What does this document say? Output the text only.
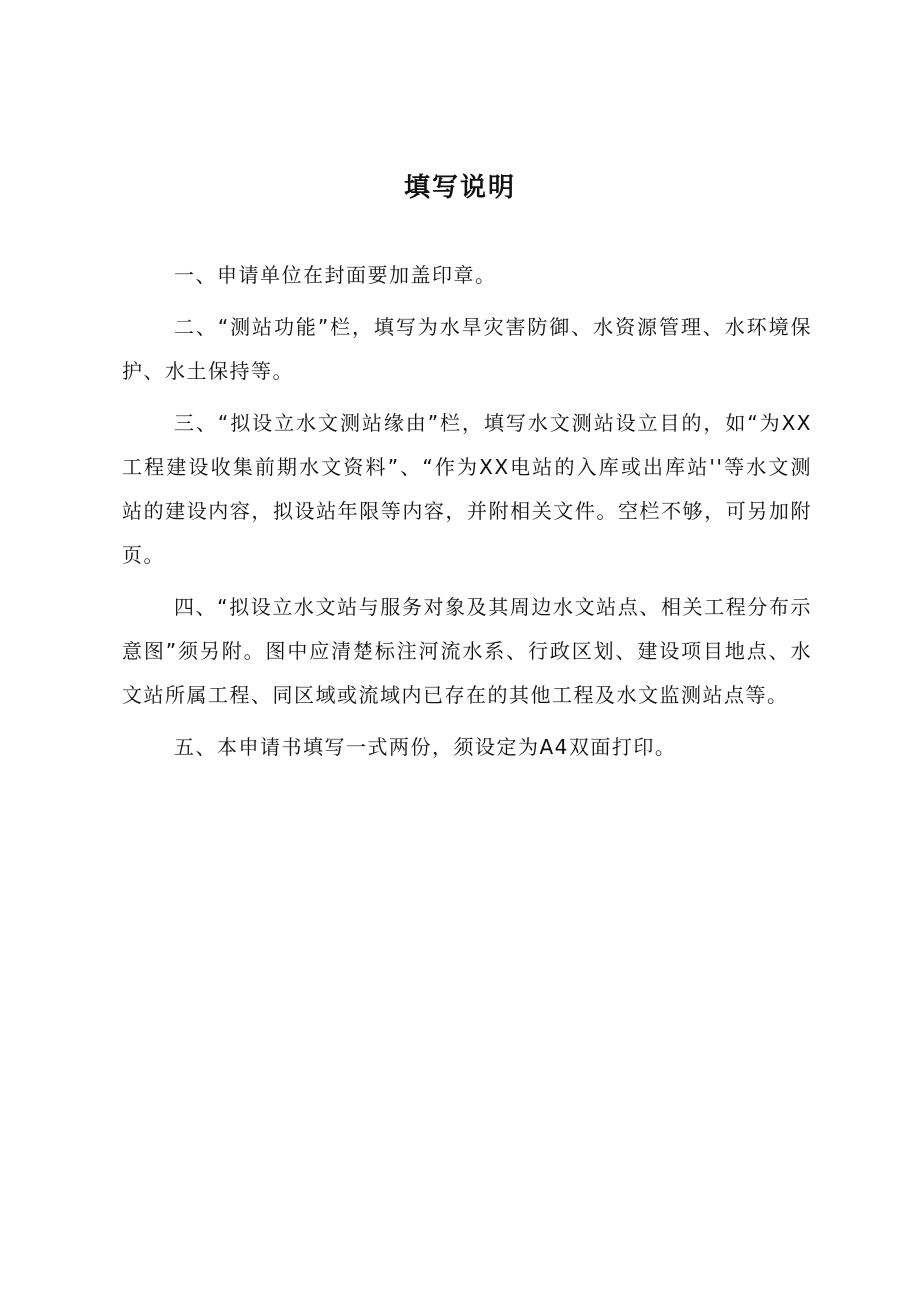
填写说明

一、申请单位在封面要加盖印章。

二、“测站功能”栏，填写为水旱灾害防御、水资源管理、水环境保护、水土保持等。

三、“拟设立水文测站缘由”栏，填写水文测站设立目的，如“为XX工程建设收集前期水文资料”、“作为XX电站的入库或出库站''等水文测站的建设内容，拟设站年限等内容，并附相关文件。空栏不够，可另加附页。

四、“拟设立水文站与服务对象及其周边水文站点、相关工程分布示意图”须另附。图中应清楚标注河流水系、行政区划、建设项目地点、水文站所属工程、同区域或流域内已存在的其他工程及水文监测站点等。

五、本申请书填写一式两份，须设定为A4双面打印。
